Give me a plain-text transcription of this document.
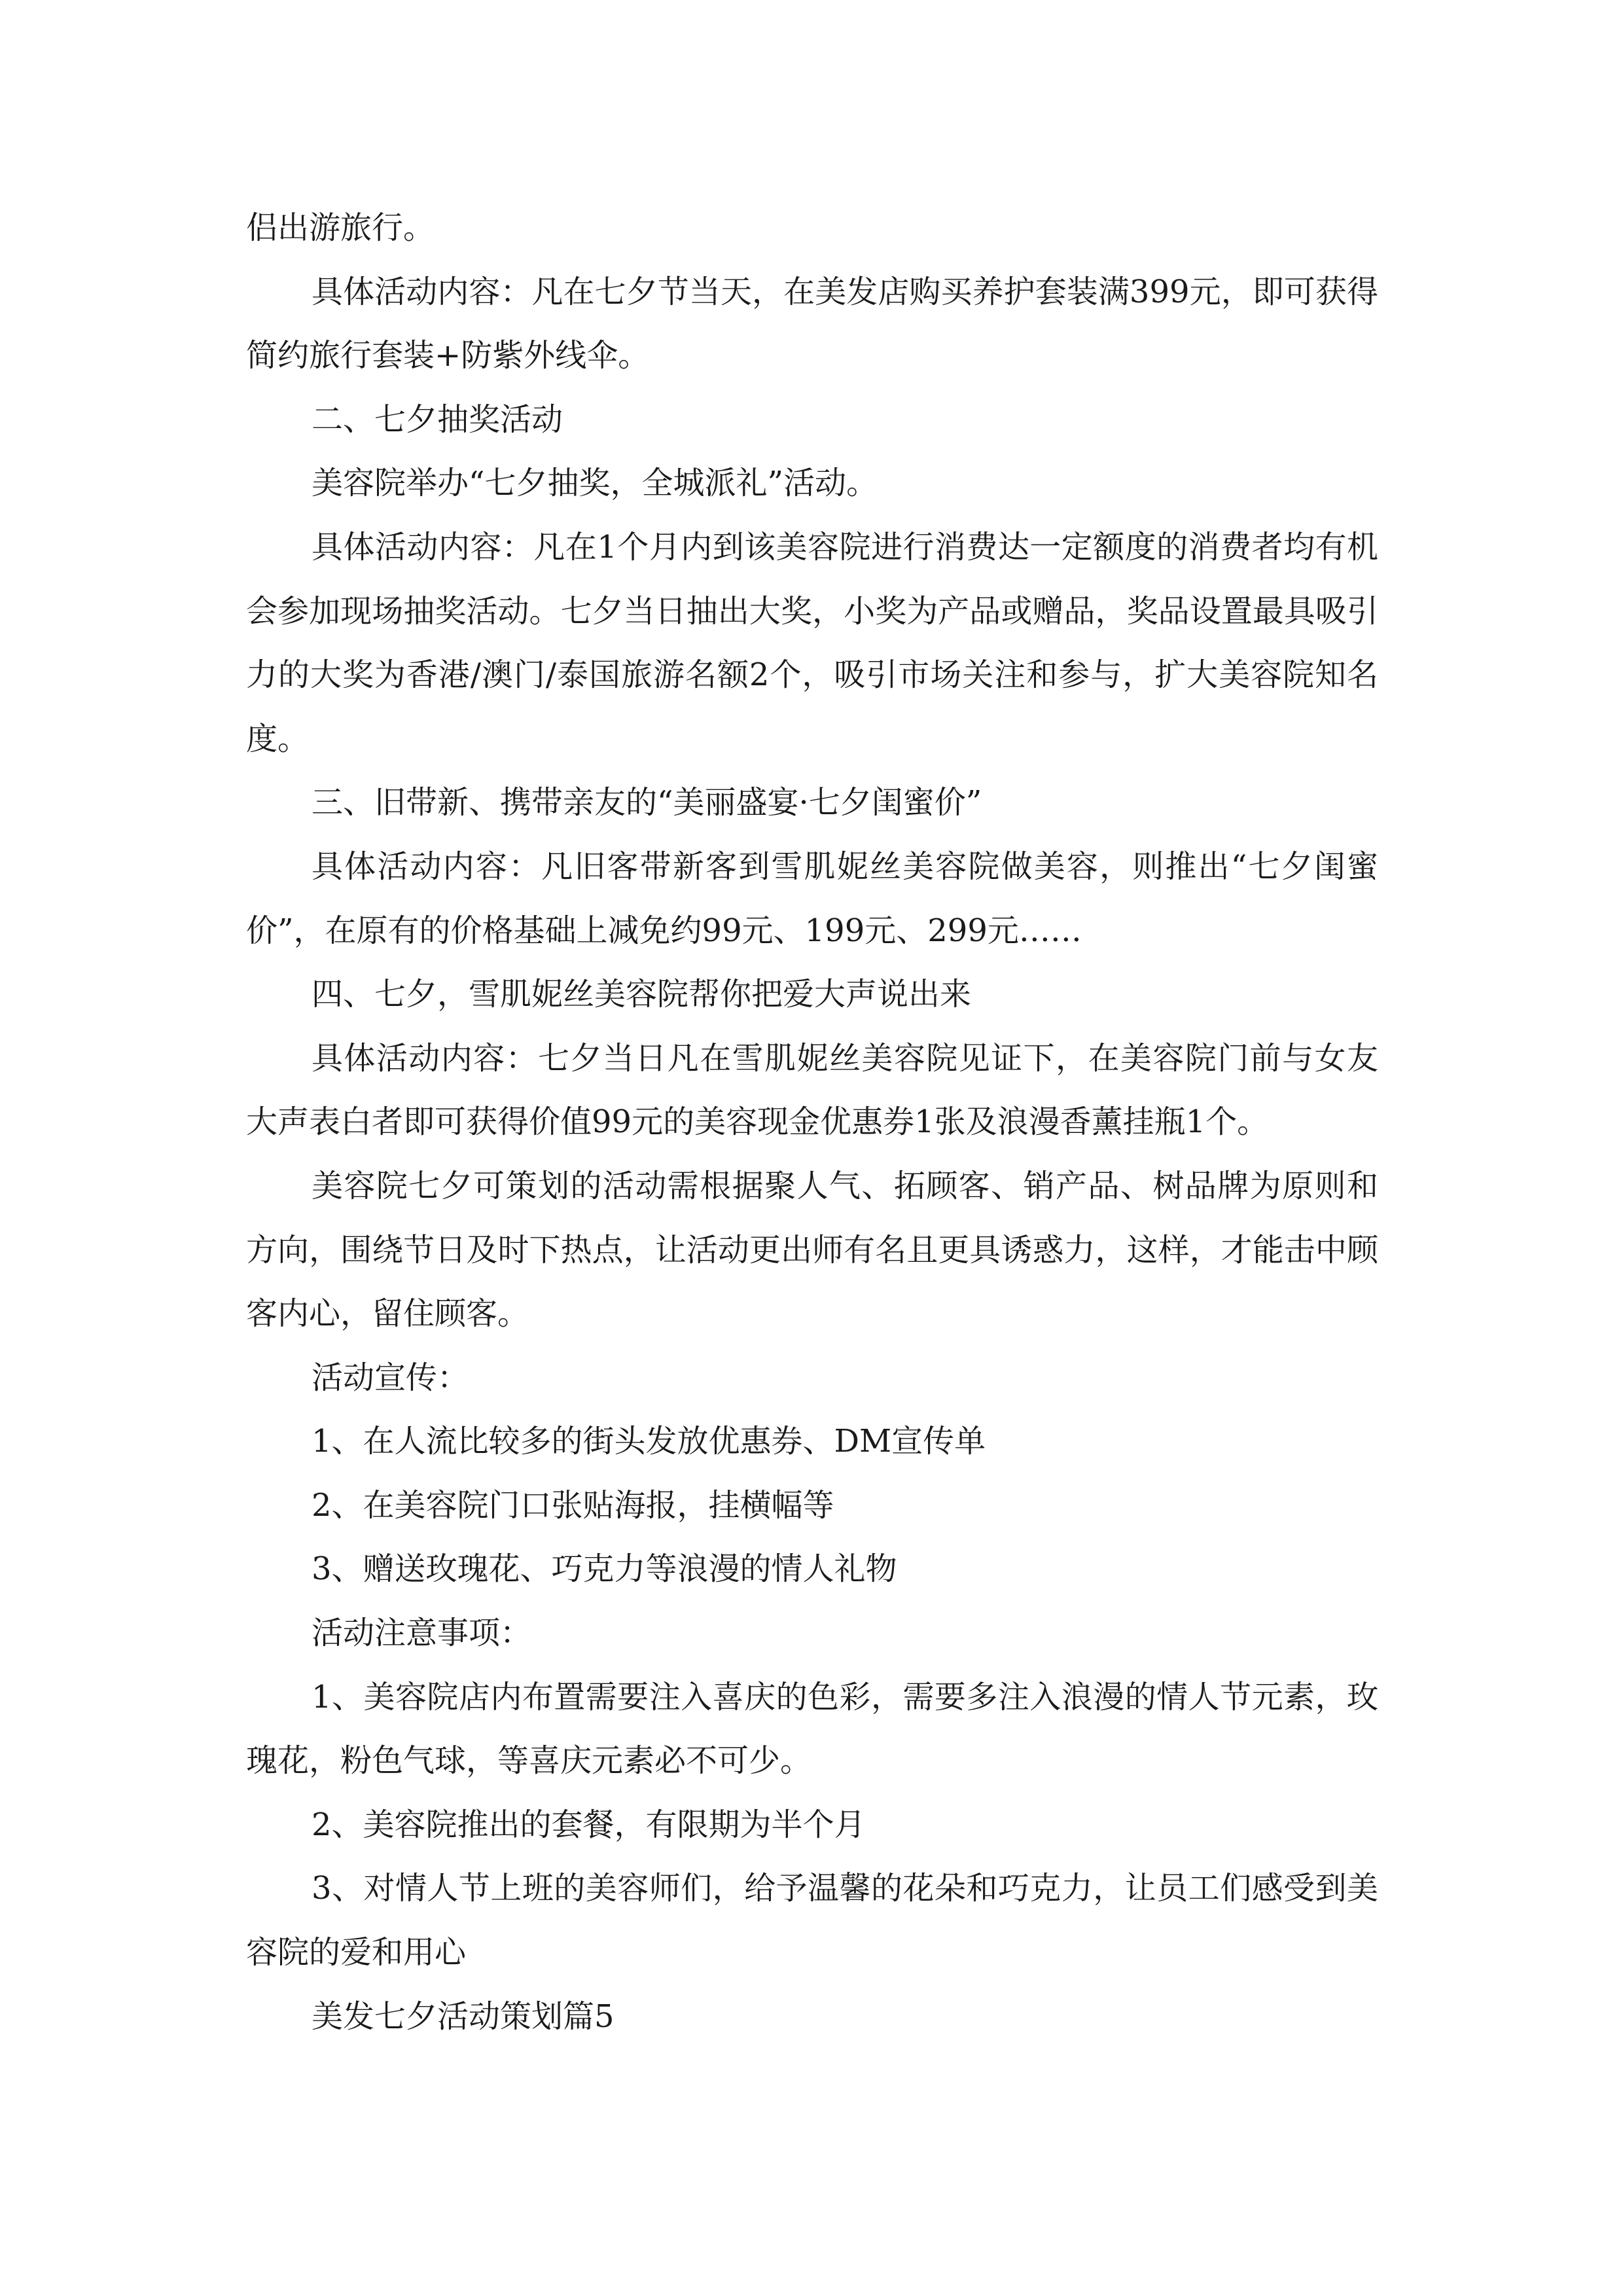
侣出游旅行。

具体活动内容：凡在七夕节当天，在美发店购买养护套装满399元，即可获得简约旅行套装+防紫外线伞。

二、七夕抽奖活动

美容院举办“七夕抽奖，全城派礼”活动。

具体活动内容：凡在1个月内到该美容院进行消费达一定额度的消费者均有机会参加现场抽奖活动。七夕当日抽出大奖，小奖为产品或赠品，奖品设置最具吸引力的大奖为香港/澳门/泰国旅游名额2个，吸引市场关注和参与，扩大美容院知名度。

三、旧带新、携带亲友的“美丽盛宴·七夕闺蜜价”

具体活动内容：凡旧客带新客到雪肌妮丝美容院做美容，则推出“七夕闺蜜价”，在原有的价格基础上减免约99元、199元、299元……

四、七夕，雪肌妮丝美容院帮你把爱大声说出来

具体活动内容：七夕当日凡在雪肌妮丝美容院见证下，在美容院门前与女友大声表白者即可获得价值99元的美容现金优惠券1张及浪漫香薰挂瓶1个。

美容院七夕可策划的活动需根据聚人气、拓顾客、销产品、树品牌为原则和方向，围绕节日及时下热点，让活动更出师有名且更具诱惑力，这样，才能击中顾客内心，留住顾客。

活动宣传：

1、在人流比较多的街头发放优惠券、DM宣传单

2、在美容院门口张贴海报，挂横幅等

3、赠送玫瑰花、巧克力等浪漫的情人礼物

活动注意事项：

1、美容院店内布置需要注入喜庆的色彩，需要多注入浪漫的情人节元素，玫瑰花，粉色气球，等喜庆元素必不可少。

2、美容院推出的套餐，有限期为半个月

3、对情人节上班的美容师们，给予温馨的花朵和巧克力，让员工们感受到美容院的爱和用心

美发七夕活动策划篇5
